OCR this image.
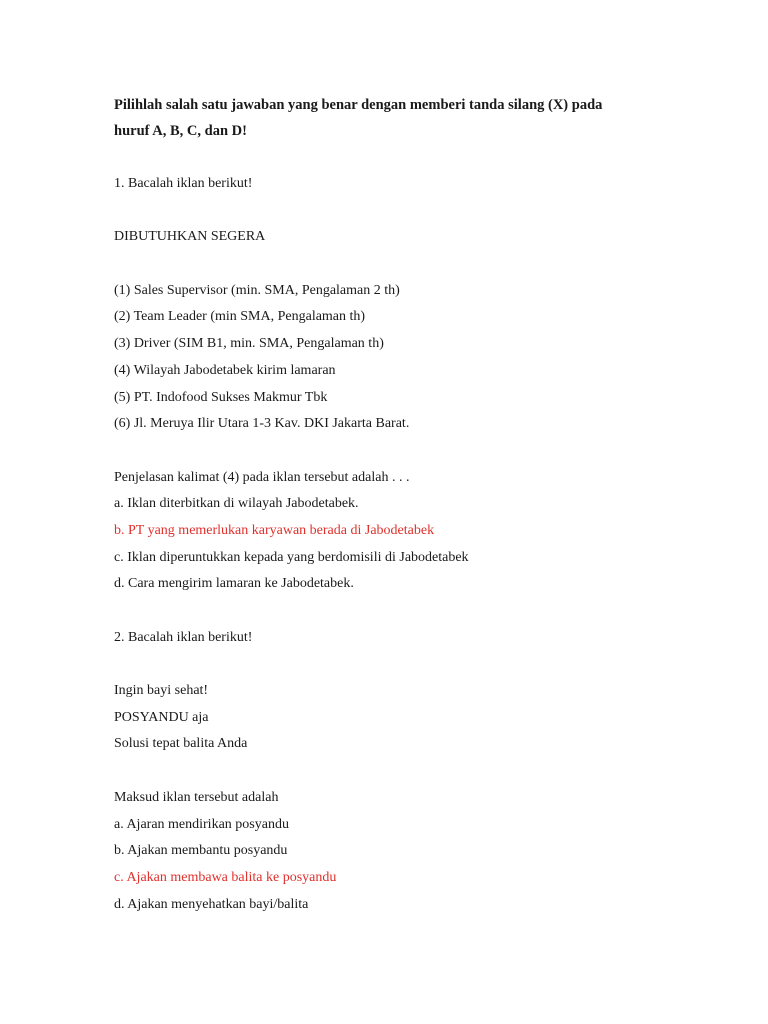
Pilihlah salah satu jawaban yang benar dengan memberi tanda silang (X) pada
huruf A, B, C, dan D!

1. Bacalah iklan berikut!
DIBUTUHKAN SEGERA
(1) Sales Supervisor (min. SMA, Pengalaman 2 th)
(2) Team Leader (min SMA, Pengalaman th)
(3) Driver (SIM B1, min. SMA, Pengalaman th)
(4) Wilayah Jabodetabek kirim lamaran
(5) PT. Indofood Sukses Makmur Tbk
(6) Jl. Meruya Ilir Utara 1-3 Kav. DKI Jakarta Barat.
Penjelasan kalimat (4) pada iklan tersebut adalah . . .
a. Iklan diterbitkan di wilayah Jabodetabek.
b. PT yang memerlukan karyawan berada di Jabodetabek
c. Iklan diperuntukkan kepada yang berdomisili di Jabodetabek
d. Cara mengirim lamaran ke Jabodetabek.
2. Bacalah iklan berikut!
Ingin bayi sehat!
POSYANDU aja
Solusi tepat balita Anda
Maksud iklan tersebut adalah
a. Ajaran mendirikan posyandu
b. Ajakan membantu posyandu
c. Ajakan membawa balita ke posyandu
d. Ajakan menyehatkan bayi/balita
